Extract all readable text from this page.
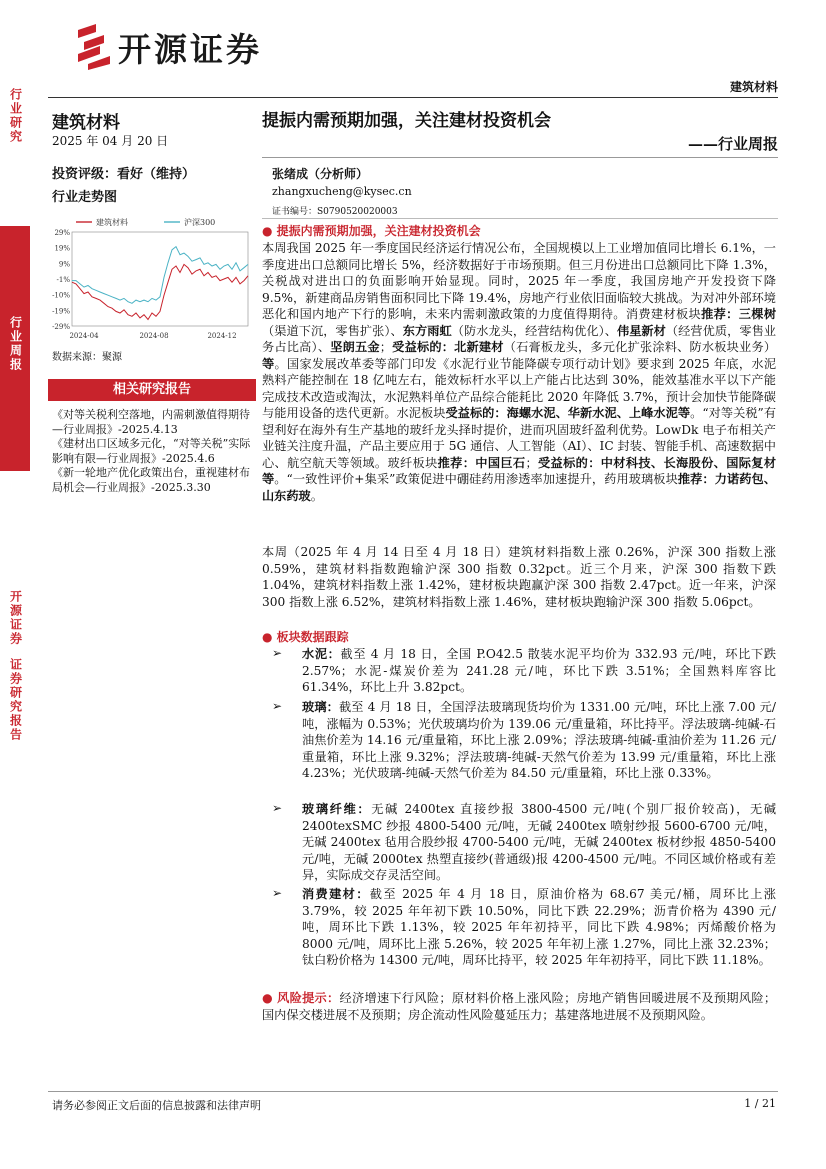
开源证券
建筑材料
行业研究
行业周报
开源证券
证券研究报告
建筑材料
2025 年 04 月 20 日
投资评级：看好（维持）
行业走势图
29%
19%
9%
-1%
-10%
-19%
-29%
2024-04	2024-08	2024-12
建筑材料	沪深300
数据来源：聚源
相关研究报告
《对等关税利空落地，内需刺激值得期待—行业周报》-2025.4.13
《建材出口区域多元化，“对等关税”实际影响有限—行业周报》-2025.4.6
《新一轮地产优化政策出台，重视建材布局机会—行业周报》-2025.3.30
提振内需预期加强，关注建材投资机会
——行业周报
张绪成（分析师）
zhangxucheng@kysec.cn
证书编号：S0790520020003
● 提振内需预期加强，关注建材投资机会
本周我国 2025 年一季度国民经济运行情况公布，全国规模以上工业增加值同比增长 6.1%，一季度进出口总额同比增长 5%，经济数据好于市场预期。但三月份进出口总额同比下降 1.3%，关税战对进出口的负面影响开始显现。同时，2025 年一季度，我国房地产开发投资下降 9.5%，新建商品房销售面积同比下降 19.4%，房地产行业依旧面临较大挑战。为对冲外部环境恶化和国内地产下行的影响，未来内需刺激政策的力度值得期待。消费建材板块推荐：三棵树（渠道下沉，零售扩张）、东方雨虹（防水龙头，经营结构优化）、伟星新材（经营优质，零售业务占比高）、坚朗五金；受益标的：北新建材（石膏板龙头，多元化扩张涂料、防水板块业务）等。国家发展改革委等部门印发《水泥行业节能降碳专项行动计划》要求到 2025 年底，水泥熟料产能控制在 18 亿吨左右，能效标杆水平以上产能占比达到 30%，能效基准水平以下产能完成技术改造或淘汰，水泥熟料单位产品综合能耗比 2020 年降低 3.7%，预计会加快节能降碳与能用设备的迭代更新。水泥板块受益标的：海螺水泥、华新水泥、上峰水泥等。“对等关税”有望利好在海外有生产基地的玻纤龙头择时提价，进而巩固玻纤盈利优势。LowDk 电子布相关产业链关注度升温，产品主要应用于 5G 通信、人工智能（AI）、IC 封装、智能手机、高速数据中心、航空航天等领域。玻纤板块推荐：中国巨石；受益标的：中材科技、长海股份、国际复材等。“一致性评价+集采”政策促进中硼硅药用渗透率加速提升，药用玻璃板块推荐：力诺药包、山东药玻。
本周（2025 年 4 月 14 日至 4 月 18 日）建筑材料指数上涨 0.26%，沪深 300 指数上涨 0.59%，建筑材料指数跑输沪深 300 指数 0.32pct。近三个月来，沪深 300 指数下跌 1.04%，建筑材料指数上涨 1.42%，建材板块跑赢沪深 300 指数 2.47pct。近一年来，沪深 300 指数上涨 6.52%，建筑材料指数上涨 1.46%，建材板块跑输沪深 300 指数 5.06pct。
● 板块数据跟踪
➢ 水泥：截至 4 月 18 日，全国 P.O42.5 散装水泥平均价为 332.93 元/吨，环比下跌 2.57%；水泥-煤炭价差为 241.28 元/吨，环比下跌 3.51%；全国熟料库容比 61.34%，环比上升 3.82pct。
➢ 玻璃：截至 4 月 18 日，全国浮法玻璃现货均价为 1331.00 元/吨，环比上涨 7.00 元/吨，涨幅为 0.53%；光伏玻璃均价为 139.06 元/重量箱，环比持平。浮法玻璃-纯碱-石油焦价差为 14.16 元/重量箱，环比上涨 2.09%；浮法玻璃-纯碱-重油价差为 11.26 元/重量箱，环比上涨 9.32%；浮法玻璃-纯碱-天然气价差为 13.99 元/重量箱，环比上涨 4.23%；光伏玻璃-纯碱-天然气价差为 84.50 元/重量箱，环比上涨 0.33%。
➢ 玻璃纤维：无碱 2400tex 直接纱报 3800-4500 元/吨(个别厂报价较高)，无碱 2400texSMC 纱报 4800-5400 元/吨，无碱 2400tex 喷射纱报 5600-6700 元/吨，无碱 2400tex 毡用合股纱报 4700-5400 元/吨，无碱 2400tex 板材纱报 4850-5400 元/吨，无碱 2000tex 热塑直接纱(普通级)报 4200-4500 元/吨。不同区域价格或有差异，实际成交存灵活空间。
➢ 消费建材：截至 2025 年 4 月 18 日，原油价格为 68.67 美元/桶，周环比上涨 3.79%，较 2025 年年初下跌 10.50%，同比下跌 22.29%；沥青价格为 4390 元/吨，周环比下跌 1.13%，较 2025 年年初持平，同比下跌 4.98%；丙烯酸价格为 8000 元/吨，周环比上涨 5.26%，较 2025 年年初上涨 1.27%，同比上涨 32.23%；钛白粉价格为 14300 元/吨，周环比持平，较 2025 年年初持平，同比下跌 11.18%。
● 风险提示：经济增速下行风险；原材料价格上涨风险；房地产销售回暖进展不及预期风险；国内保交楼进展不及预期；房企流动性风险蔓延压力；基建落地进展不及预期风险。
请务必参阅正文后面的信息披露和法律声明	1 / 21
